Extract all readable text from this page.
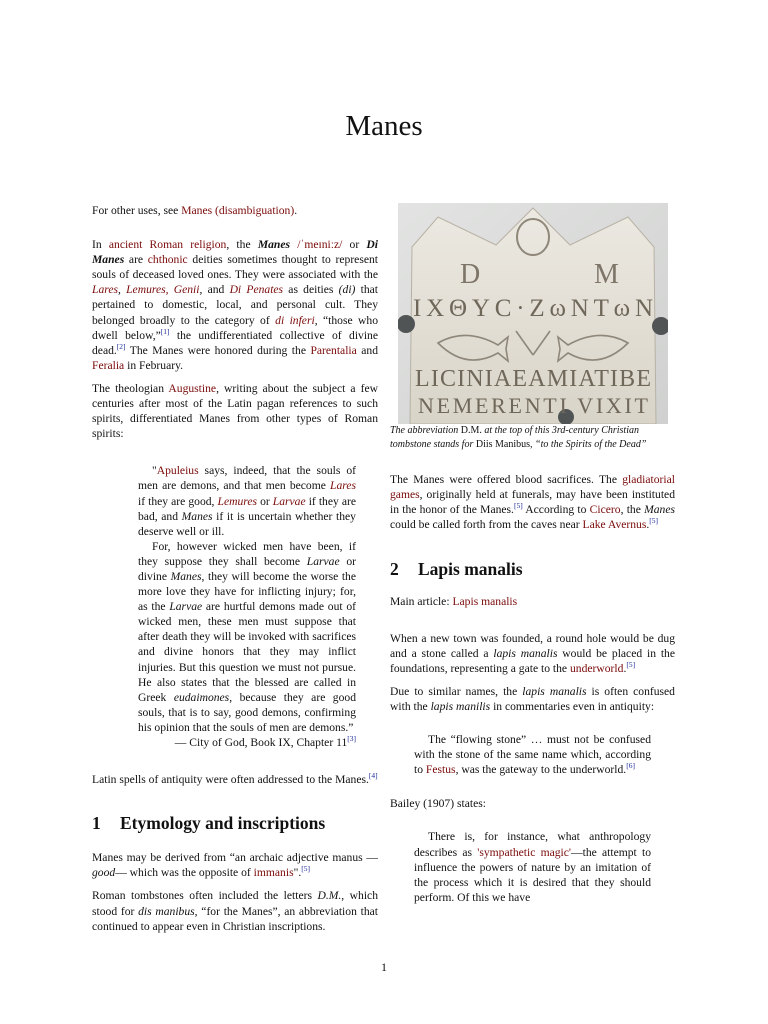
Manes

For other uses, see Manes (disambiguation).

In ancient Roman religion, the Manes /ˈmeɪniːz/ or Di Manes are chthonic deities sometimes thought to represent souls of deceased loved ones. They were associated with the Lares, Lemures, Genii, and Di Penates as deities (di) that pertained to domestic, local, and personal cult. They belonged broadly to the category of di inferi, “those who dwell below,”[1] the undifferentiated collective of divine dead.[2] The Manes were honored during the Parentalia and Feralia in February.

The theologian Augustine, writing about the subject a few centuries after most of the Latin pagan references to such spirits, differentiated Manes from other types of Roman spirits:

"Apuleius says, indeed, that the souls of men are demons, and that men become Lares if they are good, Lemures or Larvae if they are bad, and Manes if it is uncertain whether they deserve well or ill.

For, however wicked men have been, if they suppose they shall become Larvae or divine Manes, they will become the worse the more love they have for inflicting injury; for, as the Larvae are hurtful demons made out of wicked men, these men must suppose that after death they will be invoked with sacrifices and divine honors that they may inflict injuries. But this question we must not pursue. He also states that the blessed are called in Greek eudaimones, because they are good souls, that is to say, good demons, confirming his opinion that the souls of men are demons.”

— City of God, Book IX, Chapter 11[3]

Latin spells of antiquity were often addressed to the Manes.[4]

1 Etymology and inscriptions

Manes may be derived from “an archaic adjective manus —good— which was the opposite of immanis".[5]

Roman tombstones often included the letters D.M., which stood for dis manibus, “for the Manes”, an abbreviation that continued to appear even in Christian inscriptions.

D	M
IXΘYC·ZωNTωN
LICINIAEAMIATIBE
NEMERENTI VIXIT

The abbreviation D.M. at the top of this 3rd-century Christian tombstone stands for Diis Manibus, “to the Spirits of the Dead”

The Manes were offered blood sacrifices. The gladiatorial games, originally held at funerals, may have been instituted in the honor of the Manes.[5] According to Cicero, the Manes could be called forth from the caves near Lake Avernus.[5]

2 Lapis manalis

Main article: Lapis manalis

When a new town was founded, a round hole would be dug and a stone called a lapis manalis would be placed in the foundations, representing a gate to the underworld.[5]

Due to similar names, the lapis manalis is often confused with the lapis manilis in commentaries even in antiquity:

The “flowing stone” … must not be confused with the stone of the same name which, according to Festus, was the gateway to the underworld.[6]

Bailey (1907) states:

There is, for instance, what anthropology describes as 'sympathetic magic'—the attempt to influence the powers of nature by an imitation of the process which it is desired that they should perform. Of this we have

1
